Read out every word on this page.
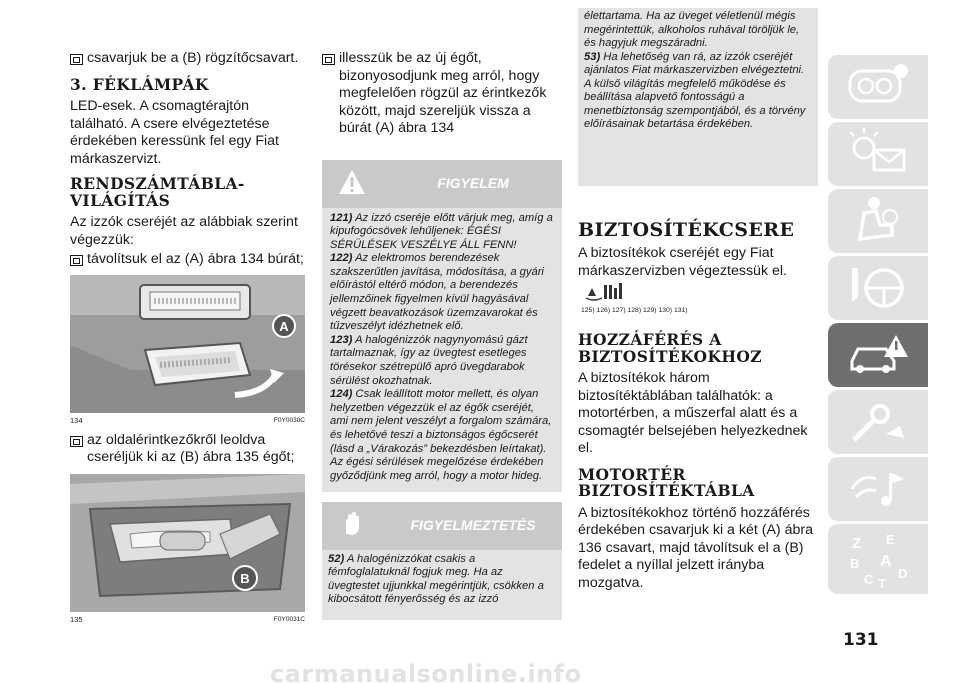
csavarjuk be a (B) rögzítőcsavart.
3. FÉKLÁMPÁK
LED-esek. A csomagtérajtón található. A csere elvégeztetése érdekében keressünk fel egy Fiat márkaszervizt.
RENDSZÁMTÁBLA-
VILÁGÍTÁS
Az izzók cseréjét az alábbiak szerint végezzük:
távolítsuk el az (A) ábra 134 búrát;
A
134	F0Y0030C
az oldalérintkezőkről leoldva cseréljük ki az (B) ábra 135 égőt;
B
135	F0Y0031C
illesszük be az új égőt, bizonyosodjunk meg arról, hogy megfelelően rögzül az érintkezők között, majd szereljük vissza a búrát (A) ábra 134
FIGYELEM
121) Az izzó cseréje előtt várjuk meg, amíg a kipufogócsövek lehűljenek: ÉGÉSI SÉRÜLÉSEK VESZÉLYE ÁLL FENN!
122) Az elektromos berendezések szakszerűtlen javítása, módosítása, a gyári előírástól eltérő módon, a berendezés jellemzőinek figyelmen kívül hagyásával végzett beavatkozások üzemzavarokat és tűzveszélyt idézhetnek elő.
123) A halogénizzók nagynyomású gázt tartalmaznak, így az üvegtest esetleges törésekor szétrepülő apró üvegdarabok sérülést okozhatnak.
124) Csak leállított motor mellett, és olyan helyzetben végezzük el az égők cseréjét, ami nem jelent veszélyt a forgalom számára, és lehetővé teszi a biztonságos égőcserét (lásd a „Várakozás” bekezdésben leírtakat). Az égési sérülések megelőzése érdekében győződjünk meg arról, hogy a motor hideg.
FIGYELMEZTETÉS
52) A halogénizzókat csakis a fémfoglalatuknál fogjuk meg. Ha az üvegtestet ujjunkkal megérintjük, csökken a kibocsátott fényerősség és az izzó
élettartama. Ha az üveget véletlenül mégis megérintettük, alkoholos ruhával töröljük le, és hagyjuk megszáradni.
53) Ha lehetőség van rá, az izzók cseréjét ajánlatos Fiat márkaszervizben elvégeztetni. A külső világítás megfelelő működése és beállítása alapvető fontosságú a menetbiztonság szempontjából, és a törvény előírásainak betartása érdekében.
BIZTOSÍTÉKCSERE
A biztosítékok cseréjét egy Fiat márkaszervizben végeztessük el.
125) 126) 127) 128) 129) 130) 131)
HOZZÁFÉRÉS A
BIZTOSÍTÉKOKHOZ
A biztosítékok három biztosítéktáblában találhatók: a motortérben, a műszerfal alatt és a csomagtér belsejében helyezkednek el.
MOTORTÉR
BIZTOSÍTÉKTÁBLA
A biztosítékokhoz történő hozzáférés érdekében csavarjuk ki a két (A) ábra 136 csavart, majd távolítsuk el a (B) fedelet a nyíllal jelzett irányba mozgatva.
Z E
B A
C T
D
131
carmanualsonline.info
